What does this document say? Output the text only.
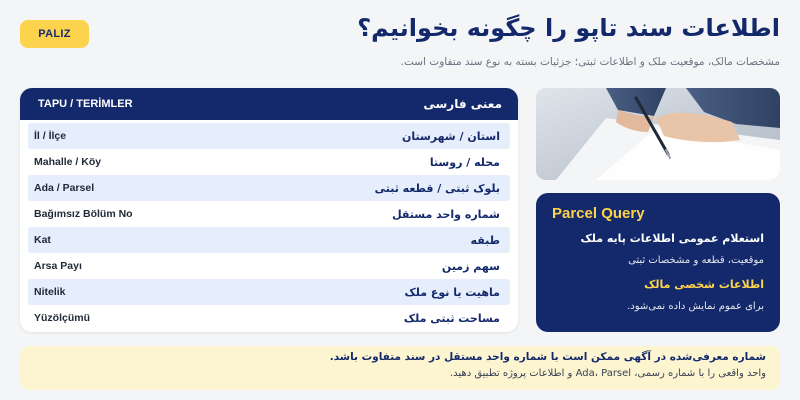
PALIZ	اطلاعات سند تاپو را چگونه بخوانیم؟

مشخصات مالک، موقعیت ملک و اطلاعات ثبتی؛ جزئیات بسته به نوع سند متفاوت است.

TAPU / TERİMLER	معنی فارسی
İl / İlçe	استان / شهرستان
Mahalle / Köy	محله / روستا
Ada / Parsel	بلوک ثبتی / قطعه ثبتی
Bağımsız Bölüm No	شماره واحد مستقل
Kat	طبقه
Arsa Payı	سهم زمین
Nitelik	ماهیت یا نوع ملک
Yüzölçümü	مساحت ثبتی ملک
Parcel Query
استعلام عمومی اطلاعات پایه ملک
موقعیت، قطعه و مشخصات ثبتی
اطلاعات شخصی مالک
برای عموم نمایش داده نمی‌شود.
شماره معرفی‌شده در آگهی ممکن است با شماره واحد مستقل در سند متفاوت باشد.
واحد واقعی را با شماره رسمی، Ada، Parsel و اطلاعات پروژه تطبیق دهید.
